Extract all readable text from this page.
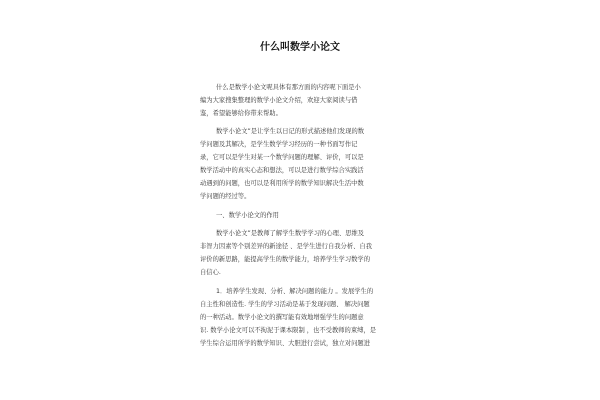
什么叫数学小论文
什么是数学小论文呢具体有那方面的内容呢下面是小
编为大家搜集整理的数学小论文介绍，欢迎大家阅读与借
鉴，希望能够给你带来帮助。
数学小论文”是让学生以日记的形式描述他们发现的数
学问题及其解决，是学生数学学习经历的一种书面写作记
录，它可以是学生对某一个数学问题的理解、评价，可以是
数学活动中的真实心态和想法，可以是进行数学综合实践活
动遇到的问题，也可以是利用所学的数学知识解决生活中数
学问题的经过等。
一、数学小论文的作用
数学小论文”是教师了解学生数学学习的心理、思维及
非智力因素等个别差异的新途径 、是学生进行自我分析、自我
评价的新思路，能提高学生的数学能力，培养学生学习数学的
自信心.
1．培养学生发现、分析、解决问题的能力 。发展学生的
自主性和创造性. 学生的学习活动是基于发现问题、 解决问题
的一种活动。数学小论文的撰写能有效地增强学生的问题意
识. 数学小论文可以不拘泥于课本限制 ，也不受教师的束缚，是
学生综合运用所学的数学知识、大胆进行尝试，独立对问题进
